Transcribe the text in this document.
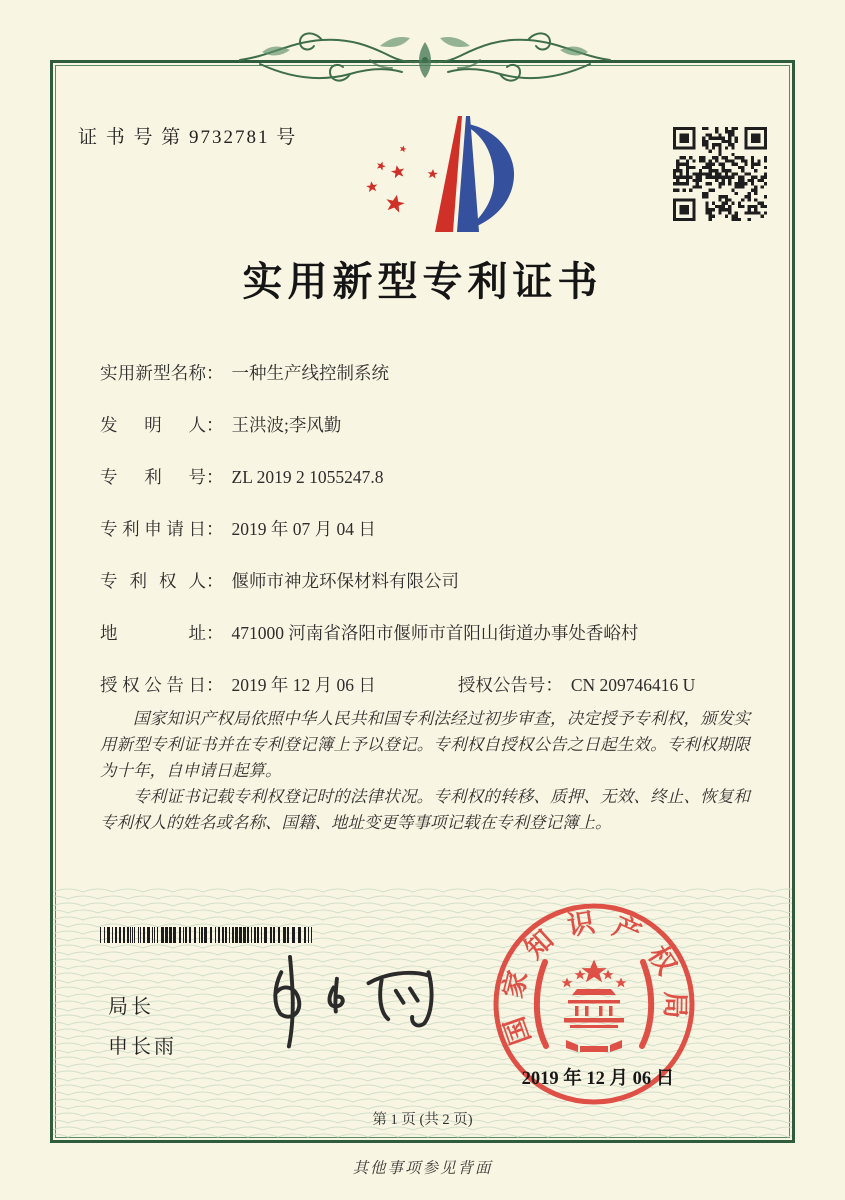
证 书 号 第 9732781 号
实用新型专利证书
实用新型名称： 一种生产线控制系统
发明人： 王洪波;李风勤
专利号： ZL 2019 2 1055247.8
专利申请日： 2019 年 07 月 04 日
专利权人： 偃师市神龙环保材料有限公司
地址： 471000 河南省洛阳市偃师市首阳山街道办事处香峪村
授权公告日： 2019 年 12 月 06 日	授权公告号： CN 209746416 U

国家知识产权局依照中华人民共和国专利法经过初步审查，决定授予专利权，颁发实用新型专利证书并在专利登记簿上予以登记。专利权自授权公告之日起生效。专利权期限为十年，自申请日起算。

专利证书记载专利权登记时的法律状况。专利权的转移、质押、无效、终止、恢复和专利权人的姓名或名称、国籍、地址变更等事项记载在专利登记簿上。

局长
申长雨	国家知识产权局
2019 年 12 月 06 日
第 1 页 (共 2 页)
其他事项参见背面
